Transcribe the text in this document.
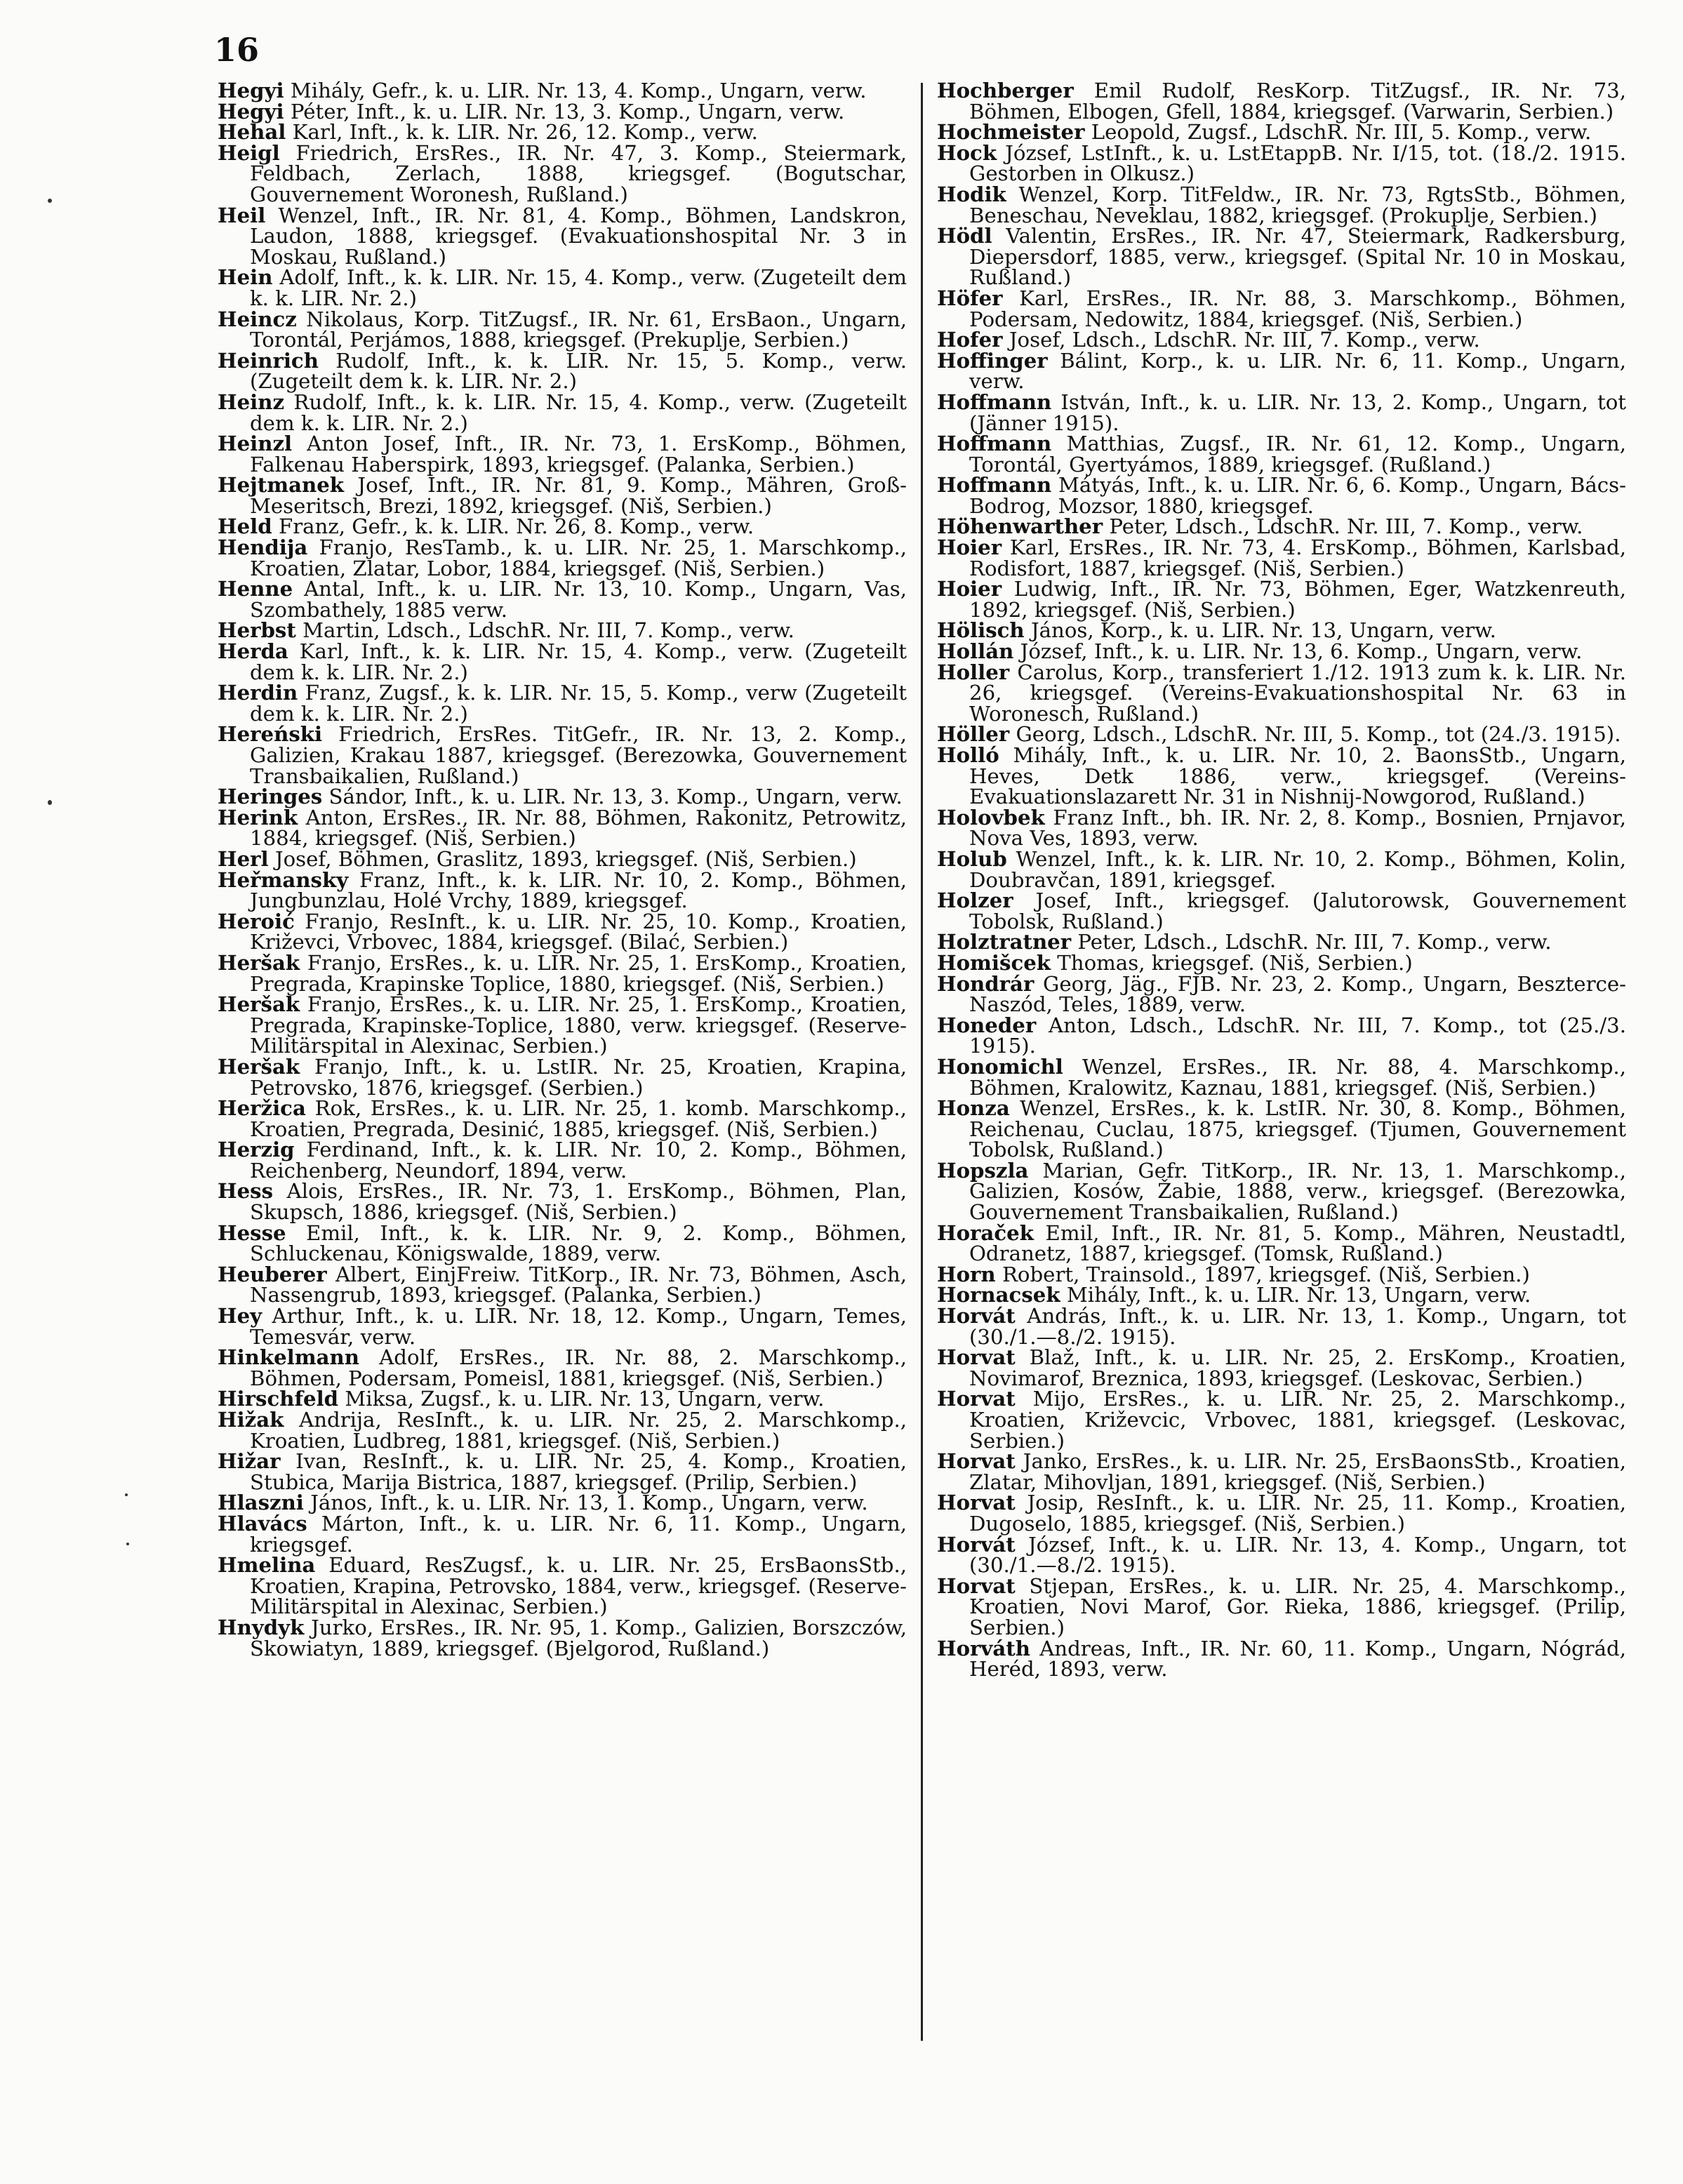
16

Hegyi Mihály, Gefr., k. u. LIR. Nr. 13, 4. Komp., Ungarn, verw.

Hegyi Péter, Inft., k. u. LIR. Nr. 13, 3. Komp., Ungarn, verw.

Hehal Karl, Inft., k. k. LIR. Nr. 26, 12. Komp., verw.

Heigl Friedrich, ErsRes., IR. Nr. 47, 3. Komp., Steiermark, Feldbach, Zerlach, 1888, kriegsgef. (Bogutschar, Gouvernement Woronesh, Rußland.)

Heil Wenzel, Inft., IR. Nr. 81, 4. Komp., Böhmen, Landskron, Laudon, 1888, kriegsgef. (Evakuationshospital Nr. 3 in Moskau, Rußland.)

Hein Adolf, Inft., k. k. LIR. Nr. 15, 4. Komp., verw. (Zugeteilt dem k. k. LIR. Nr. 2.)

Heincz Nikolaus, Korp. TitZugsf., IR. Nr. 61, ErsBaon., Ungarn, Torontál, Perjámos, 1888, kriegsgef. (Prekuplje, Serbien.)

Heinrich Rudolf, Inft., k. k. LIR. Nr. 15, 5. Komp., verw. (Zugeteilt dem k. k. LIR. Nr. 2.)

Heinz Rudolf, Inft., k. k. LIR. Nr. 15, 4. Komp., verw. (Zugeteilt dem k. k. LIR. Nr. 2.)

Heinzl Anton Josef, Inft., IR. Nr. 73, 1. ErsKomp., Böhmen, Falkenau Haberspirk, 1893, kriegsgef. (Palanka, Serbien.)

Hejtmanek Josef, Inft., IR. Nr. 81, 9. Komp., Mähren, Groß-Meseritsch, Brezi, 1892, kriegsgef. (Niš, Serbien.)

Held Franz, Gefr., k. k. LIR. Nr. 26, 8. Komp., verw.

Hendija Franjo, ResTamb., k. u. LIR. Nr. 25, 1. Marschkomp., Kroatien, Zlatar, Lobor, 1884, kriegsgef. (Niš, Serbien.)

Henne Antal, Inft., k. u. LIR. Nr. 13, 10. Komp., Ungarn, Vas, Szombathely, 1885 verw.

Herbst Martin, Ldsch., LdschR. Nr. III, 7. Komp., verw.

Herda Karl, Inft., k. k. LIR. Nr. 15, 4. Komp., verw. (Zugeteilt dem k. k. LIR. Nr. 2.)

Herdin Franz, Zugsf., k. k. LIR. Nr. 15, 5. Komp., verw (Zugeteilt dem k. k. LIR. Nr. 2.)

Hereński Friedrich, ErsRes. TitGefr., IR. Nr. 13, 2. Komp., Galizien, Krakau 1887, kriegsgef. (Berezowka, Gouvernement Transbaikalien, Rußland.)

Heringes Sándor, Inft., k. u. LIR. Nr. 13, 3. Komp., Ungarn, verw.

Herink Anton, ErsRes., IR. Nr. 88, Böhmen, Rakonitz, Petrowitz, 1884, kriegsgef. (Niš, Serbien.)

Herl Josef, Böhmen, Graslitz, 1893, kriegsgef. (Niš, Serbien.)

Heřmansky Franz, Inft., k. k. LIR. Nr. 10, 2. Komp., Böhmen, Jungbunzlau, Holé Vrchy, 1889, kriegsgef.

Heroić Franjo, ResInft., k. u. LIR. Nr. 25, 10. Komp., Kroatien, Križevci, Vrbovec, 1884, kriegsgef. (Bilać, Serbien.)

Heršak Franjo, ErsRes., k. u. LIR. Nr. 25, 1. ErsKomp., Kroatien, Pregrada, Krapinske Toplice, 1880, kriegsgef. (Niš, Serbien.)

Heršak Franjo, ErsRes., k. u. LIR. Nr. 25, 1. ErsKomp., Kroatien, Pregrada, Krapinske-Toplice, 1880, verw. kriegsgef. (Reserve-Militärspital in Alexinac, Serbien.)

Heršak Franjo, Inft., k. u. LstIR. Nr. 25, Kroatien, Krapina, Petrovsko, 1876, kriegsgef. (Serbien.)

Heržica Rok, ErsRes., k. u. LIR. Nr. 25, 1. komb. Marschkomp., Kroatien, Pregrada, Desinić, 1885, kriegsgef. (Niš, Serbien.)

Herzig Ferdinand, Inft., k. k. LIR. Nr. 10, 2. Komp., Böhmen, Reichenberg, Neundorf, 1894, verw.

Hess Alois, ErsRes., IR. Nr. 73, 1. ErsKomp., Böhmen, Plan, Skupsch, 1886, kriegsgef. (Niš, Serbien.)

Hesse Emil, Inft., k. k. LIR. Nr. 9, 2. Komp., Böhmen, Schluckenau, Königswalde, 1889, verw.

Heuberer Albert, EinjFreiw. TitKorp., IR. Nr. 73, Böhmen, Asch, Nassengrub, 1893, kriegsgef. (Palanka, Serbien.)

Hey Arthur, Inft., k. u. LIR. Nr. 18, 12. Komp., Ungarn, Temes, Temesvár, verw.

Hinkelmann Adolf, ErsRes., IR. Nr. 88, 2. Marschkomp., Böhmen, Podersam, Pomeisl, 1881, kriegsgef. (Niš, Serbien.)

Hirschfeld Miksa, Zugsf., k. u. LIR. Nr. 13, Ungarn, verw.

Hižak Andrija, ResInft., k. u. LIR. Nr. 25, 2. Marschkomp., Kroatien, Ludbreg, 1881, kriegsgef. (Niš, Serbien.)

Hižar Ivan, ResInft., k. u. LIR. Nr. 25, 4. Komp., Kroatien, Stubica, Marija Bistrica, 1887, kriegsgef. (Prilip, Serbien.)

Hlaszni János, Inft., k. u. LIR. Nr. 13, 1. Komp., Ungarn, verw.

Hlavács Márton, Inft., k. u. LIR. Nr. 6, 11. Komp., Ungarn, kriegsgef.

Hmelina Eduard, ResZugsf., k. u. LIR. Nr. 25, ErsBaonsStb., Kroatien, Krapina, Petrovsko, 1884, verw., kriegsgef. (Reserve-Militärspital in Alexinac, Serbien.)

Hnydyk Jurko, ErsRes., IR. Nr. 95, 1. Komp., Galizien, Borszczów, Skowiatyn, 1889, kriegsgef. (Bjelgorod, Rußland.)

Hochberger Emil Rudolf, ResKorp. TitZugsf., IR. Nr. 73, Böhmen, Elbogen, Gfell, 1884, kriegsgef. (Varwarin, Serbien.)

Hochmeister Leopold, Zugsf., LdschR. Nr. III, 5. Komp., verw.

Hock József, LstInft., k. u. LstEtappB. Nr. I/15, tot. (18./2. 1915. Gestorben in Olkusz.)

Hodik Wenzel, Korp. TitFeldw., IR. Nr. 73, RgtsStb., Böhmen, Beneschau, Neveklau, 1882, kriegsgef. (Prokuplje, Serbien.)

Hödl Valentin, ErsRes., IR. Nr. 47, Steiermark, Radkersburg, Diepersdorf, 1885, verw., kriegsgef. (Spital Nr. 10 in Moskau, Rußland.)

Höfer Karl, ErsRes., IR. Nr. 88, 3. Marschkomp., Böhmen, Podersam, Nedowitz, 1884, kriegsgef. (Niš, Serbien.)

Hofer Josef, Ldsch., LdschR. Nr. III, 7. Komp., verw.

Hoffinger Bálint, Korp., k. u. LIR. Nr. 6, 11. Komp., Ungarn, verw.

Hoffmann István, Inft., k. u. LIR. Nr. 13, 2. Komp., Ungarn, tot (Jänner 1915).

Hoffmann Matthias, Zugsf., IR. Nr. 61, 12. Komp., Ungarn, Torontál, Gyertyámos, 1889, kriegsgef. (Rußland.)

Hoffmann Mátyás, Inft., k. u. LIR. Nr. 6, 6. Komp., Ungarn, Bács-Bodrog, Mozsor, 1880, kriegsgef.

Höhenwarther Peter, Ldsch., LdschR. Nr. III, 7. Komp., verw.

Hoier Karl, ErsRes., IR. Nr. 73, 4. ErsKomp., Böhmen, Karlsbad, Rodisfort, 1887, kriegsgef. (Niš, Serbien.)

Hoier Ludwig, Inft., IR. Nr. 73, Böhmen, Eger, Watzkenreuth, 1892, kriegsgef. (Niš, Serbien.)

Hölisch János, Korp., k. u. LIR. Nr. 13, Ungarn, verw.

Hollán József, Inft., k. u. LIR. Nr. 13, 6. Komp., Ungarn, verw.

Holler Carolus, Korp., transferiert 1./12. 1913 zum k. k. LIR. Nr. 26, kriegsgef. (Vereins-Evakuationshospital Nr. 63 in Woronesch, Rußland.)

Höller Georg, Ldsch., LdschR. Nr. III, 5. Komp., tot (24./3. 1915).

Holló Mihály, Inft., k. u. LIR. Nr. 10, 2. BaonsStb., Ungarn, Heves, Detk 1886, verw., kriegsgef. (Vereins-Evakuationslazarett Nr. 31 in Nishnij-Nowgorod, Rußland.)

Holovbek Franz Inft., bh. IR. Nr. 2, 8. Komp., Bosnien, Prnjavor, Nova Ves, 1893, verw.

Holub Wenzel, Inft., k. k. LIR. Nr. 10, 2. Komp., Böhmen, Kolin, Doubravčan, 1891, kriegsgef.

Holzer Josef, Inft., kriegsgef. (Jalutorowsk, Gouvernement Tobolsk, Rußland.)

Holztratner Peter, Ldsch., LdschR. Nr. III, 7. Komp., verw.

Homišcek Thomas, kriegsgef. (Niš, Serbien.)

Hondrár Georg, Jäg., FJB. Nr. 23, 2. Komp., Ungarn, Beszterce-Naszód, Teles, 1889, verw.

Honeder Anton, Ldsch., LdschR. Nr. III, 7. Komp., tot (25./3. 1915).

Honomichl Wenzel, ErsRes., IR. Nr. 88, 4. Marschkomp., Böhmen, Kralowitz, Kaznau, 1881, kriegsgef. (Niš, Serbien.)

Honza Wenzel, ErsRes., k. k. LstIR. Nr. 30, 8. Komp., Böhmen, Reichenau, Cuclau, 1875, kriegsgef. (Tjumen, Gouvernement Tobolsk, Rußland.)

Hopszla Marian, Gefr. TitKorp., IR. Nr. 13, 1. Marschkomp., Galizien, Kosów, Žabie, 1888, verw., kriegsgef. (Berezowka, Gouvernement Transbaikalien, Rußland.)

Horaček Emil, Inft., IR. Nr. 81, 5. Komp., Mähren, Neustadtl, Odranetz, 1887, kriegsgef. (Tomsk, Rußland.)

Horn Robert, Trainsold., 1897, kriegsgef. (Niš, Serbien.)

Hornacsek Mihály, Inft., k. u. LIR. Nr. 13, Ungarn, verw.

Horvát András, Inft., k. u. LIR. Nr. 13, 1. Komp., Ungarn, tot (30./1.—8./2. 1915).

Horvat Blaž, Inft., k. u. LIR. Nr. 25, 2. ErsKomp., Kroatien, Novimarof, Breznica, 1893, kriegsgef. (Leskovac, Serbien.)

Horvat Mijo, ErsRes., k. u. LIR. Nr. 25, 2. Marschkomp., Kroatien, Križevcic, Vrbovec, 1881, kriegsgef. (Leskovac, Serbien.)

Horvat Janko, ErsRes., k. u. LIR. Nr. 25, ErsBaonsStb., Kroatien, Zlatar, Mihovljan, 1891, kriegsgef. (Niš, Serbien.)

Horvat Josip, ResInft., k. u. LIR. Nr. 25, 11. Komp., Kroatien, Dugoselo, 1885, kriegsgef. (Niš, Serbien.)

Horvát József, Inft., k. u. LIR. Nr. 13, 4. Komp., Ungarn, tot (30./1.—8./2. 1915).

Horvat Stjepan, ErsRes., k. u. LIR. Nr. 25, 4. Marschkomp., Kroatien, Novi Marof, Gor. Rieka, 1886, kriegsgef. (Prilip, Serbien.)

Horváth Andreas, Inft., IR. Nr. 60, 11. Komp., Ungarn, Nógrád, Heréd, 1893, verw.
